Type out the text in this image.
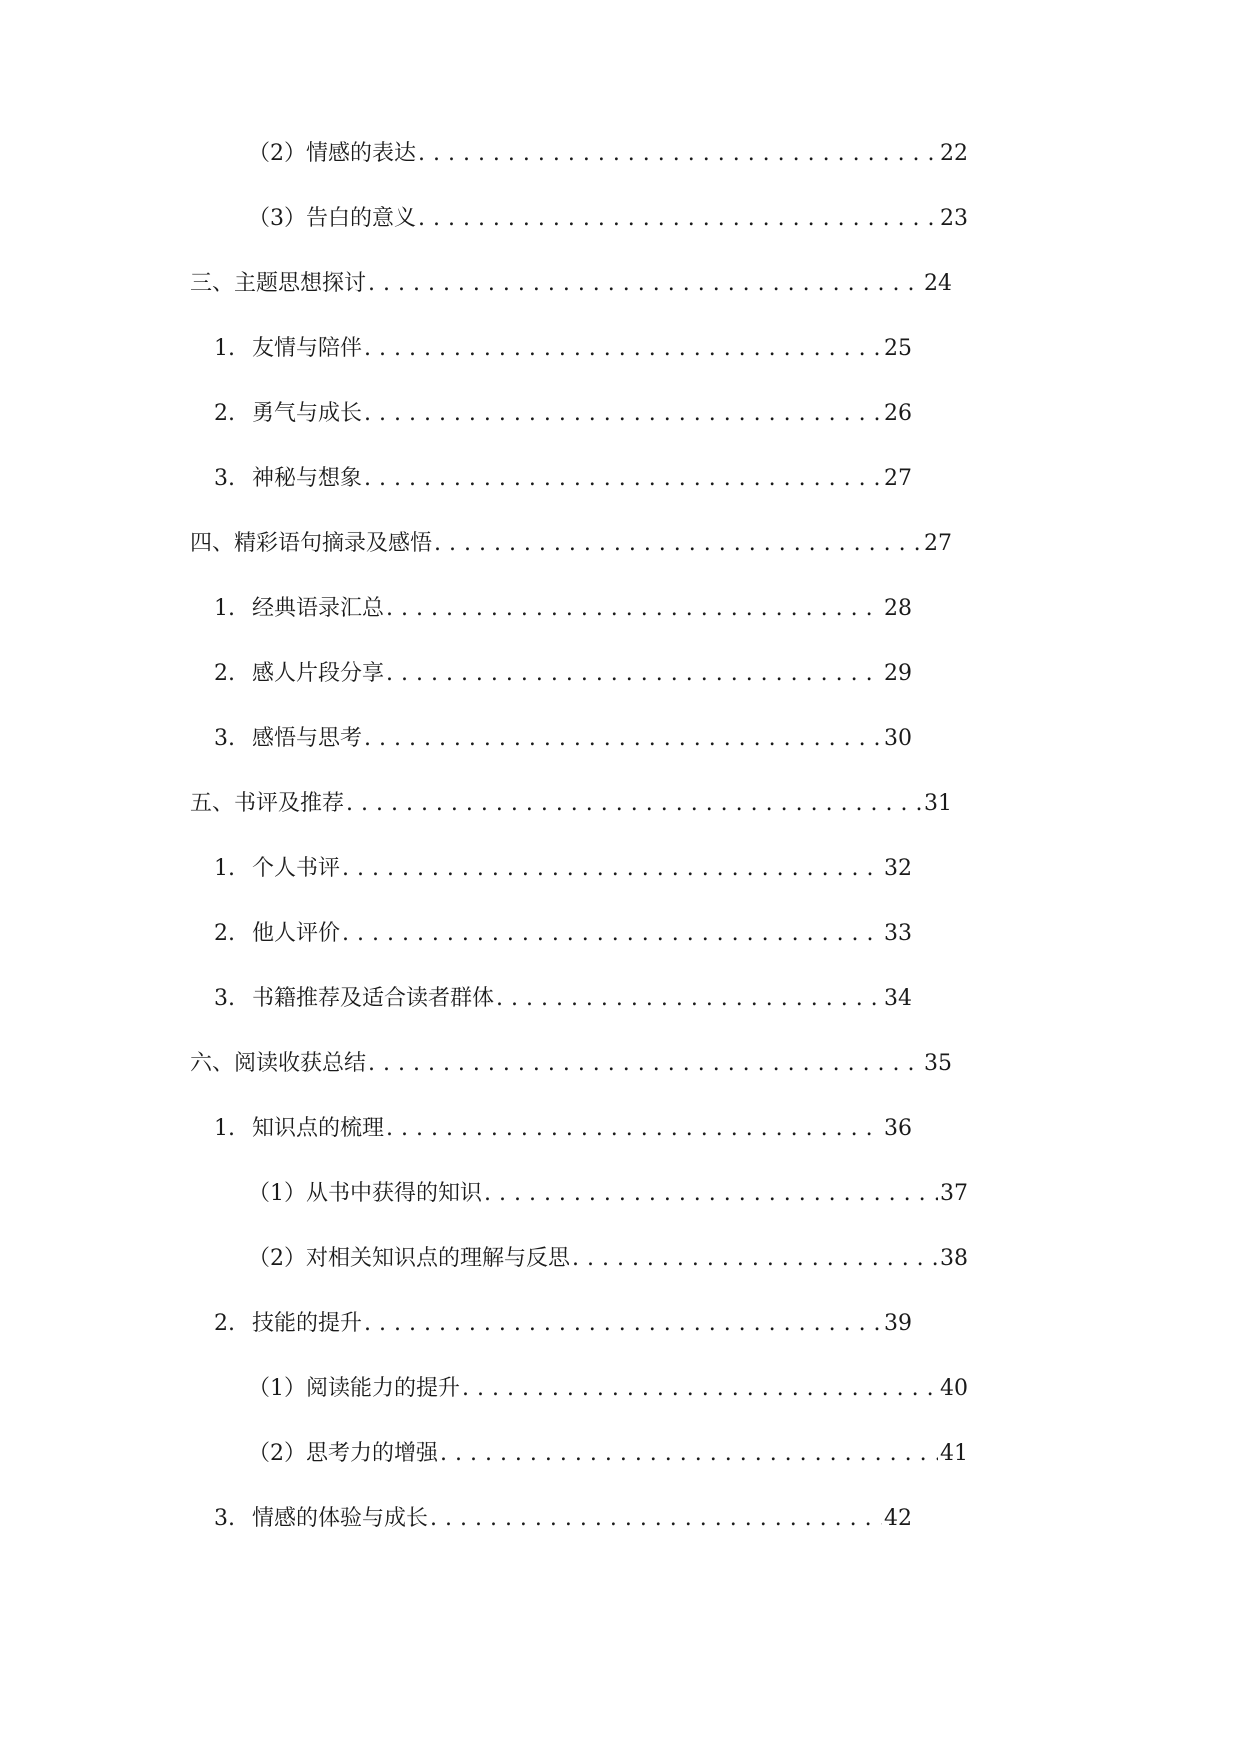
（2）情感的表达 . . .	22
（3）告白的意义 . . .	23
三、主题思想探讨 . . .	24
1. 友情与陪伴 . . .	25
2. 勇气与成长 . . .	26
3. 神秘与想象 . . .	27
四、精彩语句摘录及感悟 . . .	27
1. 经典语录汇总 . . .	28
2. 感人片段分享 . . .	29
3. 感悟与思考 . . .	30
五、书评及推荐 . . .	31
1. 个人书评 . . .	32
2. 他人评价 . . .	33
3. 书籍推荐及适合读者群体 . . .	34
六、阅读收获总结 . . .	35
1. 知识点的梳理 . . .	36
（1）从书中获得的知识 . . .	37
（2）对相关知识点的理解与反思 . . .	38
2. 技能的提升 . . .	39
（1）阅读能力的提升 . . .	40
（2）思考力的增强 . . .	41
3. 情感的体验与成长 . . .	42
